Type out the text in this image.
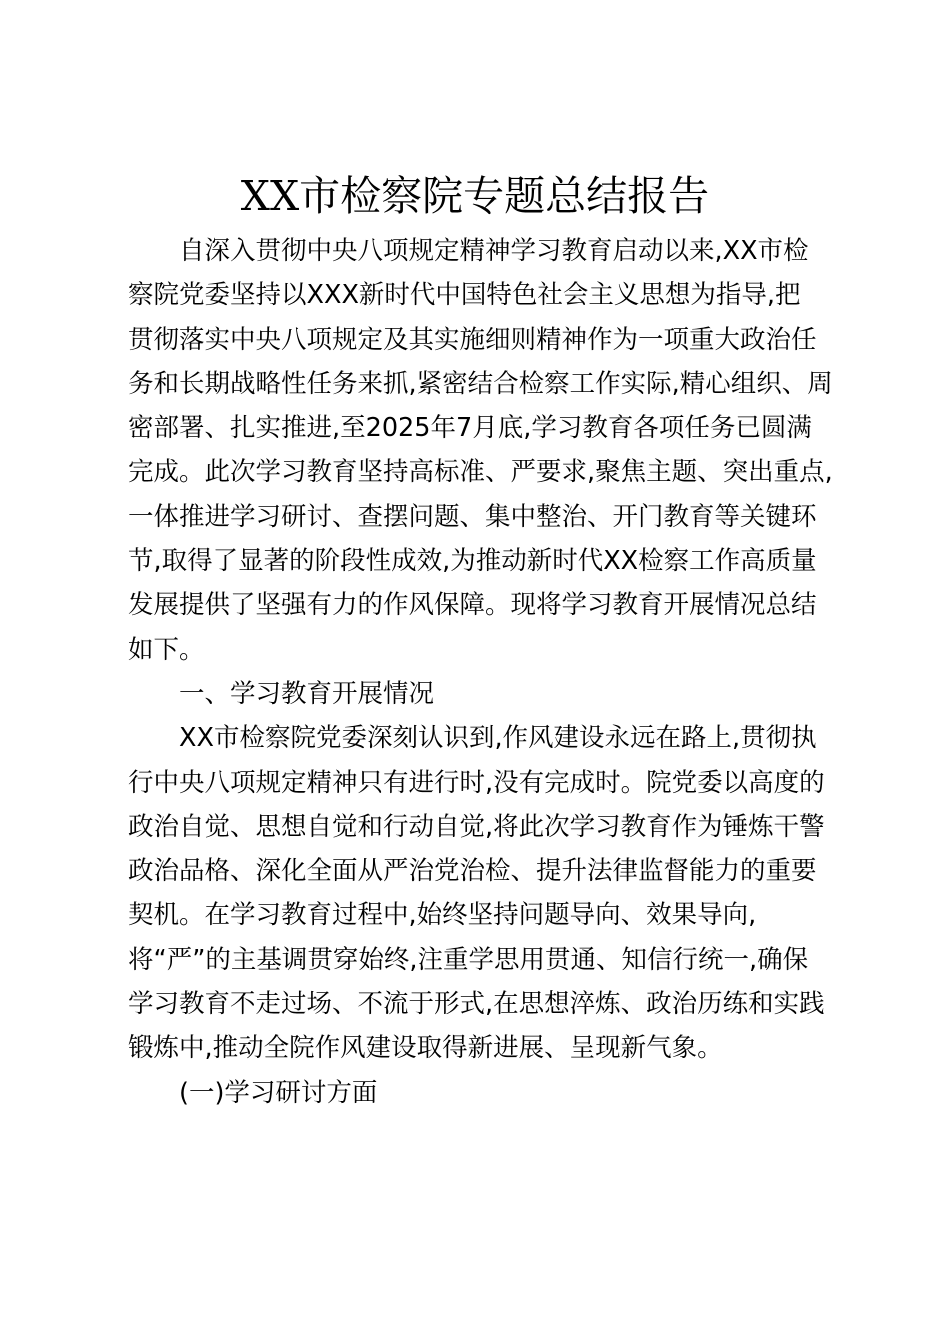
XX市检察院专题总结报告
自深入贯彻中央八项规定精神学习教育启动以来,XX市检
察院党委坚持以XXX新时代中国特色社会主义思想为指导,把
贯彻落实中央八项规定及其实施细则精神作为一项重大政治任
务和长期战略性任务来抓,紧密结合检察工作实际,精心组织、周
密部署、扎实推进,至2025年7月底,学习教育各项任务已圆满
完成。此次学习教育坚持高标准、严要求,聚焦主题、突出重点,
一体推进学习研讨、查摆问题、集中整治、开门教育等关键环
节,取得了显著的阶段性成效,为推动新时代XX检察工作高质量
发展提供了坚强有力的作风保障。现将学习教育开展情况总结
如下。
一、学习教育开展情况
XX市检察院党委深刻认识到,作风建设永远在路上,贯彻执
行中央八项规定精神只有进行时,没有完成时。院党委以高度的
政治自觉、思想自觉和行动自觉,将此次学习教育作为锤炼干警
政治品格、深化全面从严治党治检、提升法律监督能力的重要
契机。在学习教育过程中,始终坚持问题导向、效果导向,
将“严”的主基调贯穿始终,注重学思用贯通、知信行统一,确保
学习教育不走过场、不流于形式,在思想淬炼、政治历练和实践
锻炼中,推动全院作风建设取得新进展、呈现新气象。
(一)学习研讨方面
